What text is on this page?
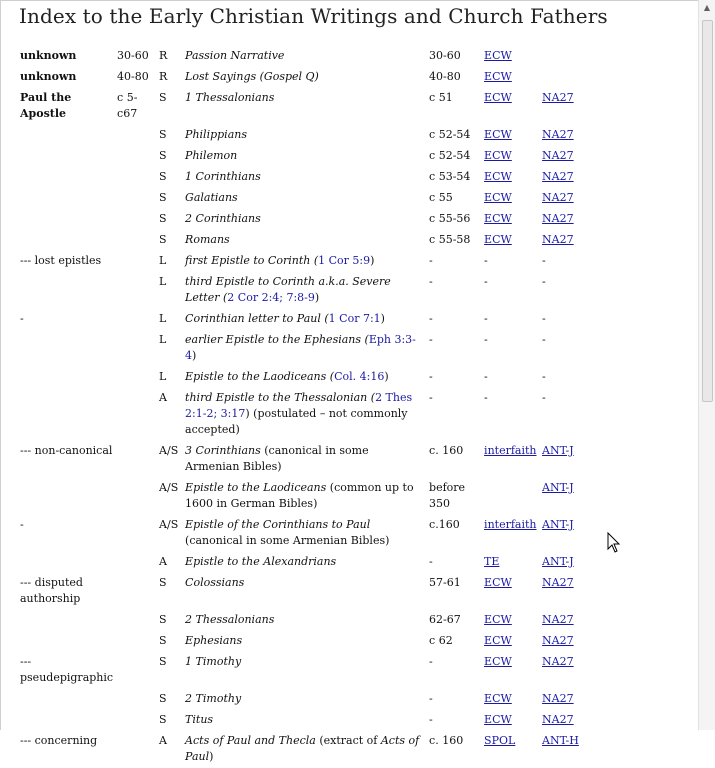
Index to the Early Christian Writings and Church Fathers
unknown	30-60	R	Passion Narrative	30-60	ECW	
unknown	40-80	R	Lost Sayings (Gospel Q)	40-80	ECW	
Paul the Apostle	c 5-c67	S	1 Thessalonians	c 51	ECW	NA27
		S	Philippians	c 52-54	ECW	NA27
		S	Philemon	c 52-54	ECW	NA27
		S	1 Corinthians	c 53-54	ECW	NA27
		S	Galatians	c 55	ECW	NA27
		S	2 Corinthians	c 55-56	ECW	NA27
		S	Romans	c 55-58	ECW	NA27
--- lost epistles		L	first Epistle to Corinth (1 Cor 5:9)	-	-	-
		L	third Epistle to Corinth a.k.a. Severe Letter (2 Cor 2:4; 7:8-9)	-	-	-
-		L	Corinthian letter to Paul (1 Cor 7:1)	-	-	-
		L	earlier Epistle to the Ephesians (Eph 3:3-4)	-	-	-
		L	Epistle to the Laodiceans (Col. 4:16)	-	-	-
		A	third Epistle to the Thessalonian (2 Thes 2:1-2; 3:17) (postulated – not commonly accepted)	-	-	-
--- non-canonical		A/S	3 Corinthians (canonical in some Armenian Bibles)	c. 160	interfaith	ANT-J
		A/S	Epistle to the Laodiceans (common up to 1600 in German Bibles)	before 350		ANT-J
-		A/S	Epistle of the Corinthians to Paul (canonical in some Armenian Bibles)	c.160	interfaith	ANT-J
		A	Epistle to the Alexandrians	-	TE	ANT-J
--- disputed authorship		S	Colossians	57-61	ECW	NA27
		S	2 Thessalonians	62-67	ECW	NA27
		S	Ephesians	c 62	ECW	NA27
--- pseudepigraphic		S	1 Timothy	-	ECW	NA27
		S	2 Timothy	-	ECW	NA27
		S	Titus	-	ECW	NA27
--- concerning		A	Acts of Paul and Thecla (extract of Acts of Paul)	c. 160	SPOL	ANT-H
▲
